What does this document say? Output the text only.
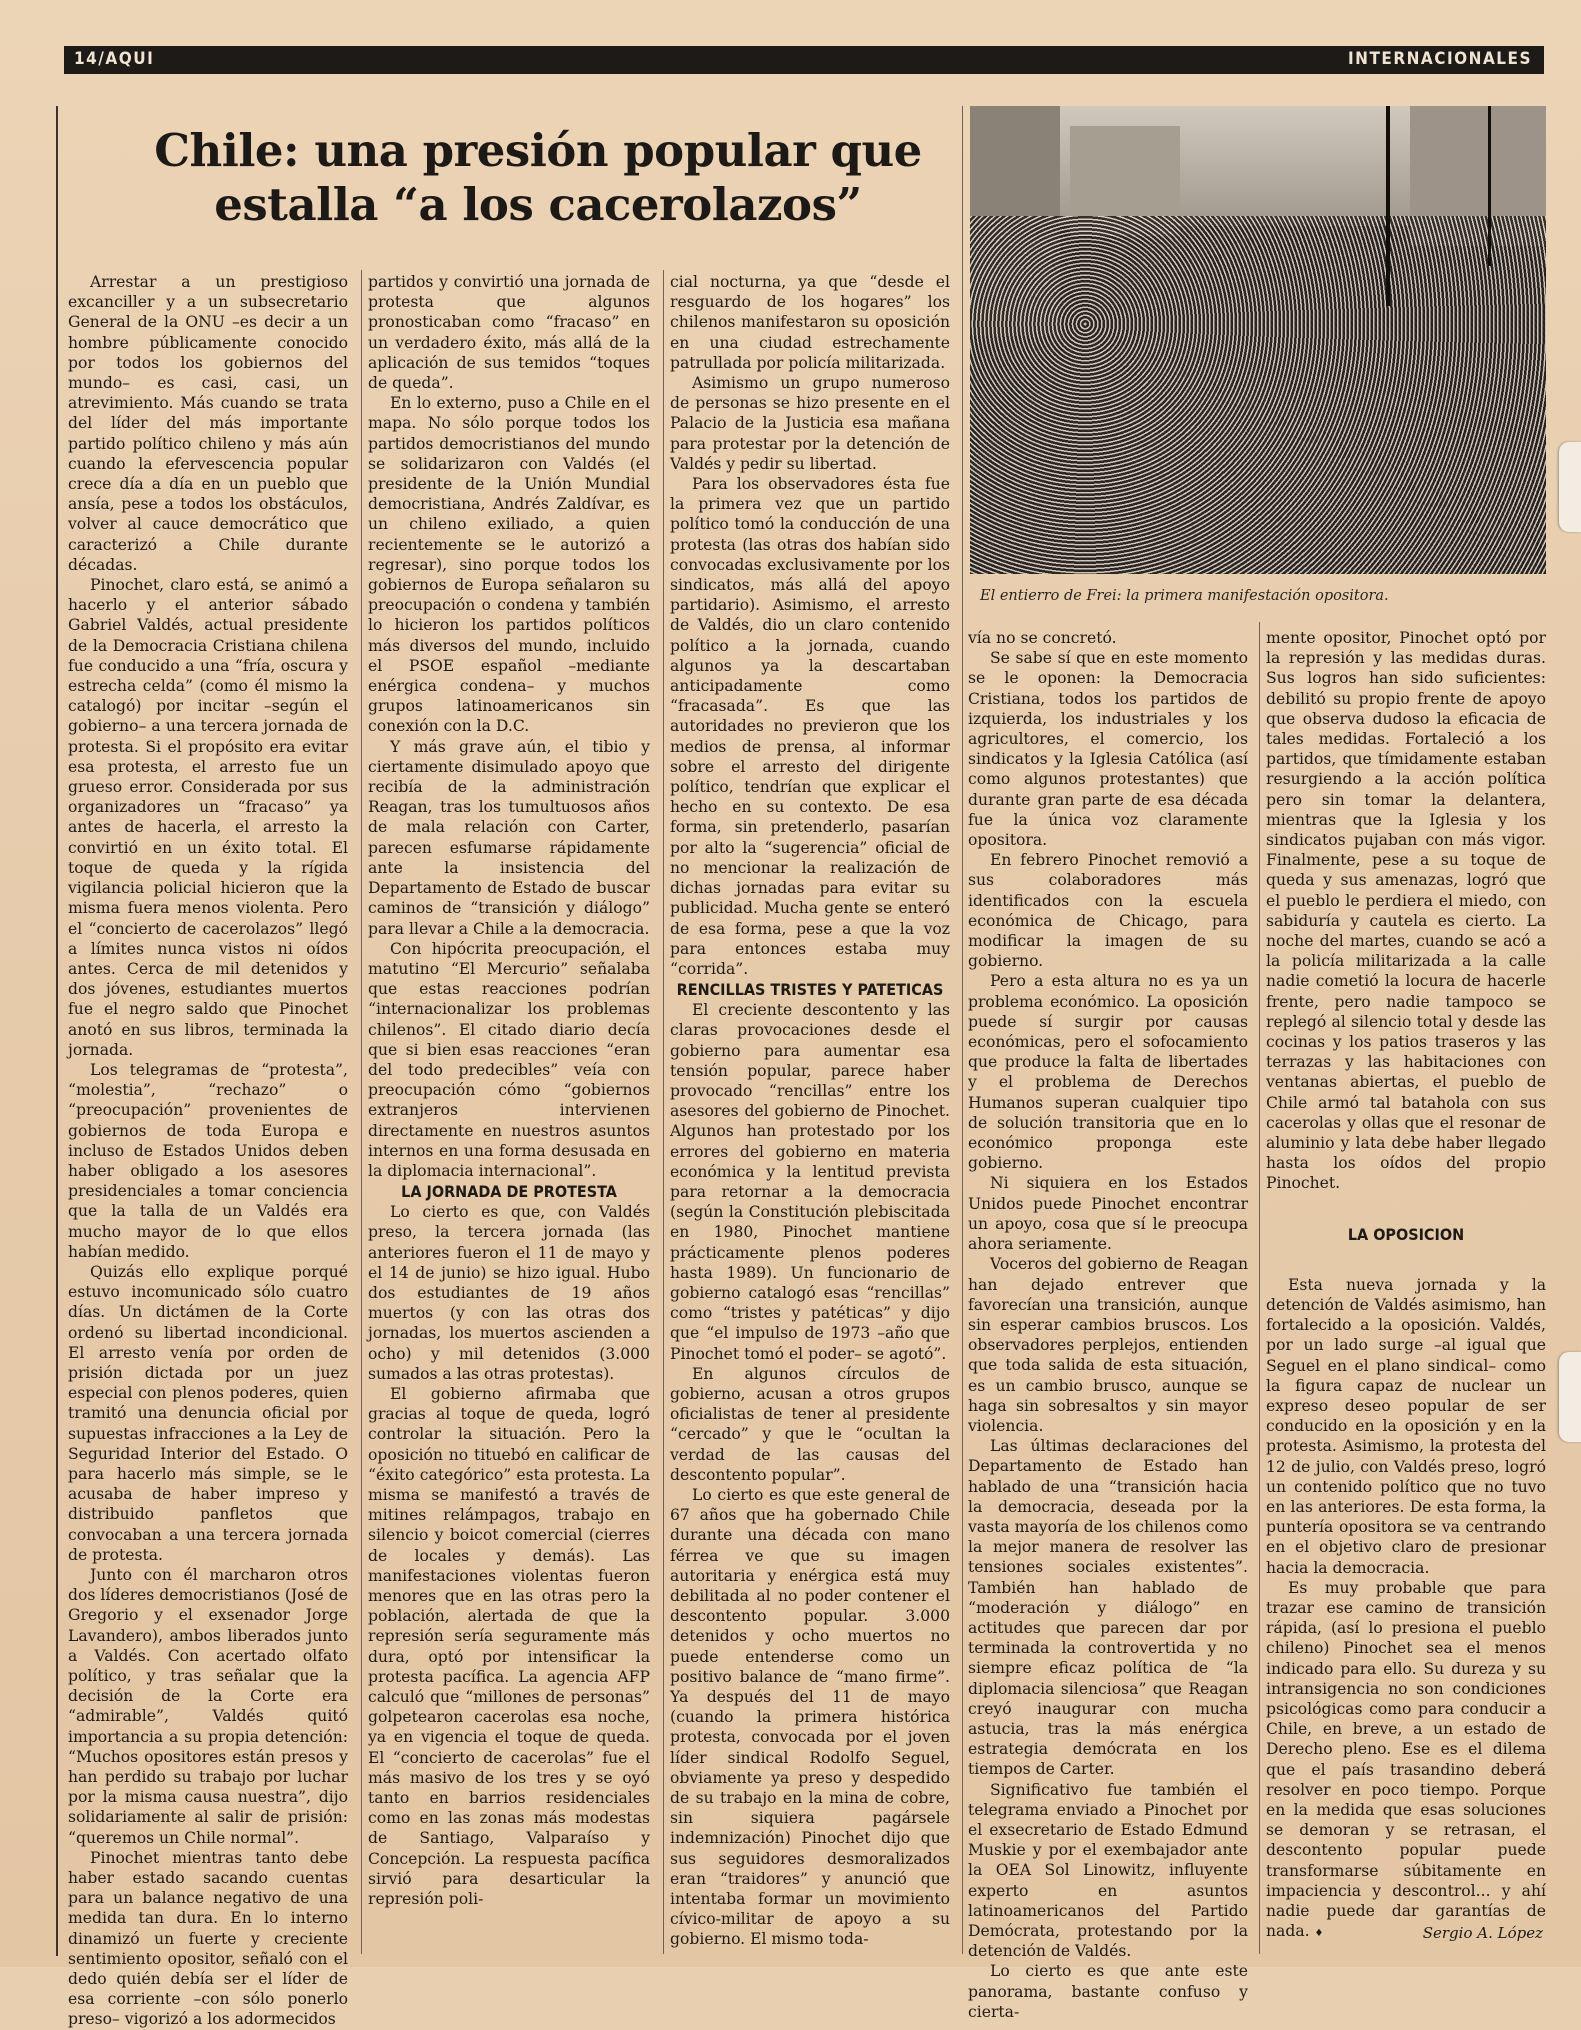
14/AQUI	INTERNACIONALES
Chile: una presión popular que
estalla “a los cacerolazos”
El entierro de Frei: la primera manifestación opositora.

Arrestar a un prestigioso excanciller y a un subsecretario General de la ONU –es decir a un hombre públicamente conocido por todos los gobiernos del mundo– es casi, casi, un atrevimiento. Más cuando se trata del líder del más importante partido político chileno y más aún cuando la efervescencia popular crece día a día en un pueblo que ansía, pese a todos los obstáculos, volver al cauce democrático que caracterizó a Chile durante décadas.

Pinochet, claro está, se animó a hacerlo y el anterior sábado Gabriel Valdés, actual presidente de la Democracia Cristiana chilena fue conducido a una “fría, oscura y estrecha celda” (como él mismo la catalogó) por incitar –según el gobierno– a una tercera jornada de protesta. Si el propósito era evitar esa protesta, el arresto fue un grueso error. Considerada por sus organizadores un “fracaso” ya antes de hacerla, el arresto la convirtió en un éxito total. El toque de queda y la rígida vigilancia policial hicieron que la misma fuera menos violenta. Pero el “concierto de cacerolazos” llegó a límites nunca vistos ni oídos antes. Cerca de mil detenidos y dos jóvenes, estudiantes muertos fue el negro saldo que Pinochet anotó en sus libros, terminada la jornada.

Los telegramas de “protesta”, “molestia”, “rechazo” o “preocupación” provenientes de gobiernos de toda Europa e incluso de Estados Unidos deben haber obligado a los asesores presidenciales a tomar conciencia que la talla de un Valdés era mucho mayor de lo que ellos habían medido.

Quizás ello explique porqué estuvo incomunicado sólo cuatro días. Un dictámen de la Corte ordenó su libertad incondicional. El arresto venía por orden de prisión dictada por un juez especial con plenos poderes, quien tramitó una denuncia oficial por supuestas infracciones a la Ley de Seguridad Interior del Estado. O para hacerlo más simple, se le acusaba de haber impreso y distribuido panfletos que convocaban a una tercera jornada de protesta.

Junto con él marcharon otros dos líderes democristianos (José de Gregorio y el exsenador Jorge Lavandero), ambos liberados junto a Valdés. Con acertado olfato político, y tras señalar que la decisión de la Corte era “admirable”, Valdés quitó importancia a su propia detención: “Muchos opositores están presos y han perdido su trabajo por luchar por la misma causa nuestra”, dijo solidariamente al salir de prisión: “queremos un Chile normal”.

Pinochet mientras tanto debe haber estado sacando cuentas para un balance negativo de una medida tan dura. En lo interno dinamizó un fuerte y creciente sentimiento opositor, señaló con el dedo quién debía ser el líder de esa corriente –con sólo ponerlo preso– vigorizó a los adormecidos

partidos y convirtió una jornada de protesta que algunos pronosticaban como “fracaso” en un verdadero éxito, más allá de la aplicación de sus temidos “toques de queda”.

En lo externo, puso a Chile en el mapa. No sólo porque todos los partidos democristianos del mundo se solidarizaron con Valdés (el presidente de la Unión Mundial democristiana, Andrés Zaldívar, es un chileno exiliado, a quien recientemente se le autorizó a regresar), sino porque todos los gobiernos de Europa señalaron su preocupación o condena y también lo hicieron los partidos políticos más diversos del mundo, incluido el PSOE español –mediante enérgica condena– y muchos grupos latinoamericanos sin conexión con la D.C.

Y más grave aún, el tibio y ciertamente disimulado apoyo que recibía de la administración Reagan, tras los tumultuosos años de mala relación con Carter, parecen esfumarse rápidamente ante la insistencia del Departamento de Estado de buscar caminos de “transición y diálogo” para llevar a Chile a la democracia.

Con hipócrita preocupación, el matutino “El Mercurio” señalaba que estas reacciones podrían “internacionalizar los problemas chilenos”. El citado diario decía que si bien esas reacciones “eran del todo predecibles” veía con preocupación cómo “gobiernos extranjeros intervienen directamente en nuestros asuntos internos en una forma desusada en la diplomacia internacional”.

LA JORNADA DE PROTESTA

Lo cierto es que, con Valdés preso, la tercera jornada (las anteriores fueron el 11 de mayo y el 14 de junio) se hizo igual. Hubo dos estudiantes de 19 años muertos (y con las otras dos jornadas, los muertos ascienden a ocho) y mil detenidos (3.000 sumados a las otras protestas).

El gobierno afirmaba que gracias al toque de queda, logró controlar la situación. Pero la oposición no tituebó en calificar de “éxito categórico” esta protesta. La misma se manifestó a través de mitines relámpagos, trabajo en silencio y boicot comercial (cierres de locales y demás). Las manifestaciones violentas fueron menores que en las otras pero la población, alertada de que la represión sería seguramente más dura, optó por intensificar la protesta pacífica. La agencia AFP calculó que “millones de personas” golpetearon cacerolas esa noche, ya en vigencia el toque de queda. El “concierto de cacerolas” fue el más masivo de los tres y se oyó tanto en barrios residenciales como en las zonas más modestas de Santiago, Valparaíso y Concepción. La respuesta pacífica sirvió para desarticular la represión poli-

cial nocturna, ya que “desde el resguardo de los hogares” los chilenos manifestaron su oposición en una ciudad estrechamente patrullada por policía militarizada.

Asimismo un grupo numeroso de personas se hizo presente en el Palacio de la Justicia esa mañana para protestar por la detención de Valdés y pedir su libertad.

Para los observadores ésta fue la primera vez que un partido político tomó la conducción de una protesta (las otras dos habían sido convocadas exclusivamente por los sindicatos, más allá del apoyo partidario). Asimismo, el arresto de Valdés, dio un claro contenido político a la jornada, cuando algunos ya la descartaban anticipadamente como “fracasada”. Es que las autoridades no previeron que los medios de prensa, al informar sobre el arresto del dirigente político, tendrían que explicar el hecho en su contexto. De esa forma, sin pretenderlo, pasarían por alto la “sugerencia” oficial de no mencionar la realización de dichas jornadas para evitar su publicidad. Mucha gente se enteró de esa forma, pese a que la voz para entonces estaba muy “corrida”.

RENCILLAS TRISTES Y PATETICAS

El creciente descontento y las claras provocaciones desde el gobierno para aumentar esa tensión popular, parece haber provocado “rencillas” entre los asesores del gobierno de Pinochet. Algunos han protestado por los errores del gobierno en materia económica y la lentitud prevista para retornar a la democracia (según la Constitución plebiscitada en 1980, Pinochet mantiene prácticamente plenos poderes hasta 1989). Un funcionario de gobierno catalogó esas “rencillas” como “tristes y patéticas” y dijo que “el impulso de 1973 –año que Pinochet tomó el poder– se agotó”.

En algunos círculos de gobierno, acusan a otros grupos oficialistas de tener al presidente “cercado” y que le “ocultan la verdad de las causas del descontento popular”.

Lo cierto es que este general de 67 años que ha gobernado Chile durante una década con mano férrea ve que su imagen autoritaria y enérgica está muy debilitada al no poder contener el descontento popular. 3.000 detenidos y ocho muertos no puede entenderse como un positivo balance de “mano firme”. Ya después del 11 de mayo (cuando la primera histórica protesta, convocada por el joven líder sindical Rodolfo Seguel, obviamente ya preso y despedido de su trabajo en la mina de cobre, sin siquiera pagársele indemnización) Pinochet dijo que sus seguidores desmoralizados eran “traidores” y anunció que intentaba formar un movimiento cívico-militar de apoyo a su gobierno. El mismo toda-

vía no se concretó.

Se sabe sí que en este momento se le oponen: la Democracia Cristiana, todos los partidos de izquierda, los industriales y los agricultores, el comercio, los sindicatos y la Iglesia Católica (así como algunos protestantes) que durante gran parte de esa década fue la única voz claramente opositora.

En febrero Pinochet removió a sus colaboradores más identificados con la escuela económica de Chicago, para modificar la imagen de su gobierno.

Pero a esta altura no es ya un problema económico. La oposición puede sí surgir por causas económicas, pero el sofocamiento que produce la falta de libertades y el problema de Derechos Humanos superan cualquier tipo de solución transitoria que en lo económico proponga este gobierno.

Ni siquiera en los Estados Unidos puede Pinochet encontrar un apoyo, cosa que sí le preocupa ahora seriamente.

Voceros del gobierno de Reagan han dejado entrever que favorecían una transición, aunque sin esperar cambios bruscos. Los observadores perplejos, entienden que toda salida de esta situación, es un cambio brusco, aunque se haga sin sobresaltos y sin mayor violencia.

Las últimas declaraciones del Departamento de Estado han hablado de una “transición hacia la democracia, deseada por la vasta mayoría de los chilenos como la mejor manera de resolver las tensiones sociales existentes”. También han hablado de “moderación y diálogo” en actitudes que parecen dar por terminada la controvertida y no siempre eficaz política de “la diplomacia silenciosa” que Reagan creyó inaugurar con mucha astucia, tras la más enérgica estrategia demócrata en los tiempos de Carter.

Significativo fue también el telegrama enviado a Pinochet por el exsecretario de Estado Edmund Muskie y por el exembajador ante la OEA Sol Linowitz, influyente experto en asuntos latinoamericanos del Partido Demócrata, protestando por la detención de Valdés.

Lo cierto es que ante este panorama, bastante confuso y cierta-

mente opositor, Pinochet optó por la represión y las medidas duras. Sus logros han sido suficientes: debilitó su propio frente de apoyo que observa dudoso la eficacia de tales medidas. Fortaleció a los partidos, que tímidamente estaban resurgiendo a la acción política pero sin tomar la delantera, mientras que la Iglesia y los sindicatos pujaban con más vigor. Finalmente, pese a su toque de queda y sus amenazas, logró que el pueblo le perdiera el miedo, con sabiduría y cautela es cierto. La noche del martes, cuando se acó a la policía militarizada a la calle nadie cometió la locura de hacerle frente, pero nadie tampoco se replegó al silencio total y desde las cocinas y los patios traseros y las terrazas y las habitaciones con ventanas abiertas, el pueblo de Chile armó tal batahola con sus cacerolas y ollas que el resonar de aluminio y lata debe haber llegado hasta los oídos del propio Pinochet.

LA OPOSICION

Esta nueva jornada y la detención de Valdés asimismo, han fortalecido a la oposición. Valdés, por un lado surge –al igual que Seguel en el plano sindical– como la figura capaz de nuclear un expreso deseo popular de ser conducido en la oposición y en la protesta. Asimismo, la protesta del 12 de julio, con Valdés preso, logró un contenido político que no tuvo en las anteriores. De esta forma, la puntería opositora se va centrando en el objetivo claro de presionar hacia la democracia.

Es muy probable que para trazar ese camino de transición rápida, (así lo presiona el pueblo chileno) Pinochet sea el menos indicado para ello. Su dureza y su intransigencia no son condiciones psicológicas como para conducir a Chile, en breve, a un estado de Derecho pleno. Ese es el dilema que el país trasandino deberá resolver en poco tiempo. Porque en la medida que esas soluciones se demoran y se retrasan, el descontento popular puede transformarse súbitamente en impaciencia y descontrol... y ahí nadie puede dar garantías de nada. ♦	Sergio A. López
